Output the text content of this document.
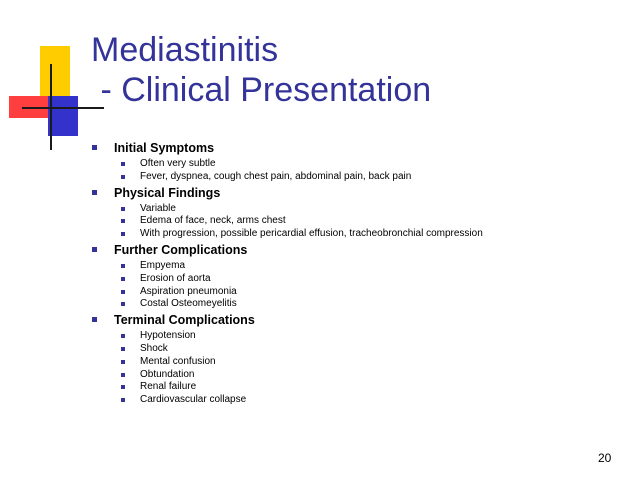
Mediastinitis
- Clinical Presentation
Initial Symptoms
Often very subtle
Fever, dyspnea, cough chest pain, abdominal pain, back pain
Physical Findings
Variable
Edema of face, neck, arms chest
With progression, possible pericardial effusion, tracheobronchial compression
Further Complications
Empyema
Erosion of aorta
Aspiration pneumonia
Costal Osteomeyelitis
Terminal Complications
Hypotension
Shock
Mental confusion
Obtundation
Renal failure
Cardiovascular collapse
20
